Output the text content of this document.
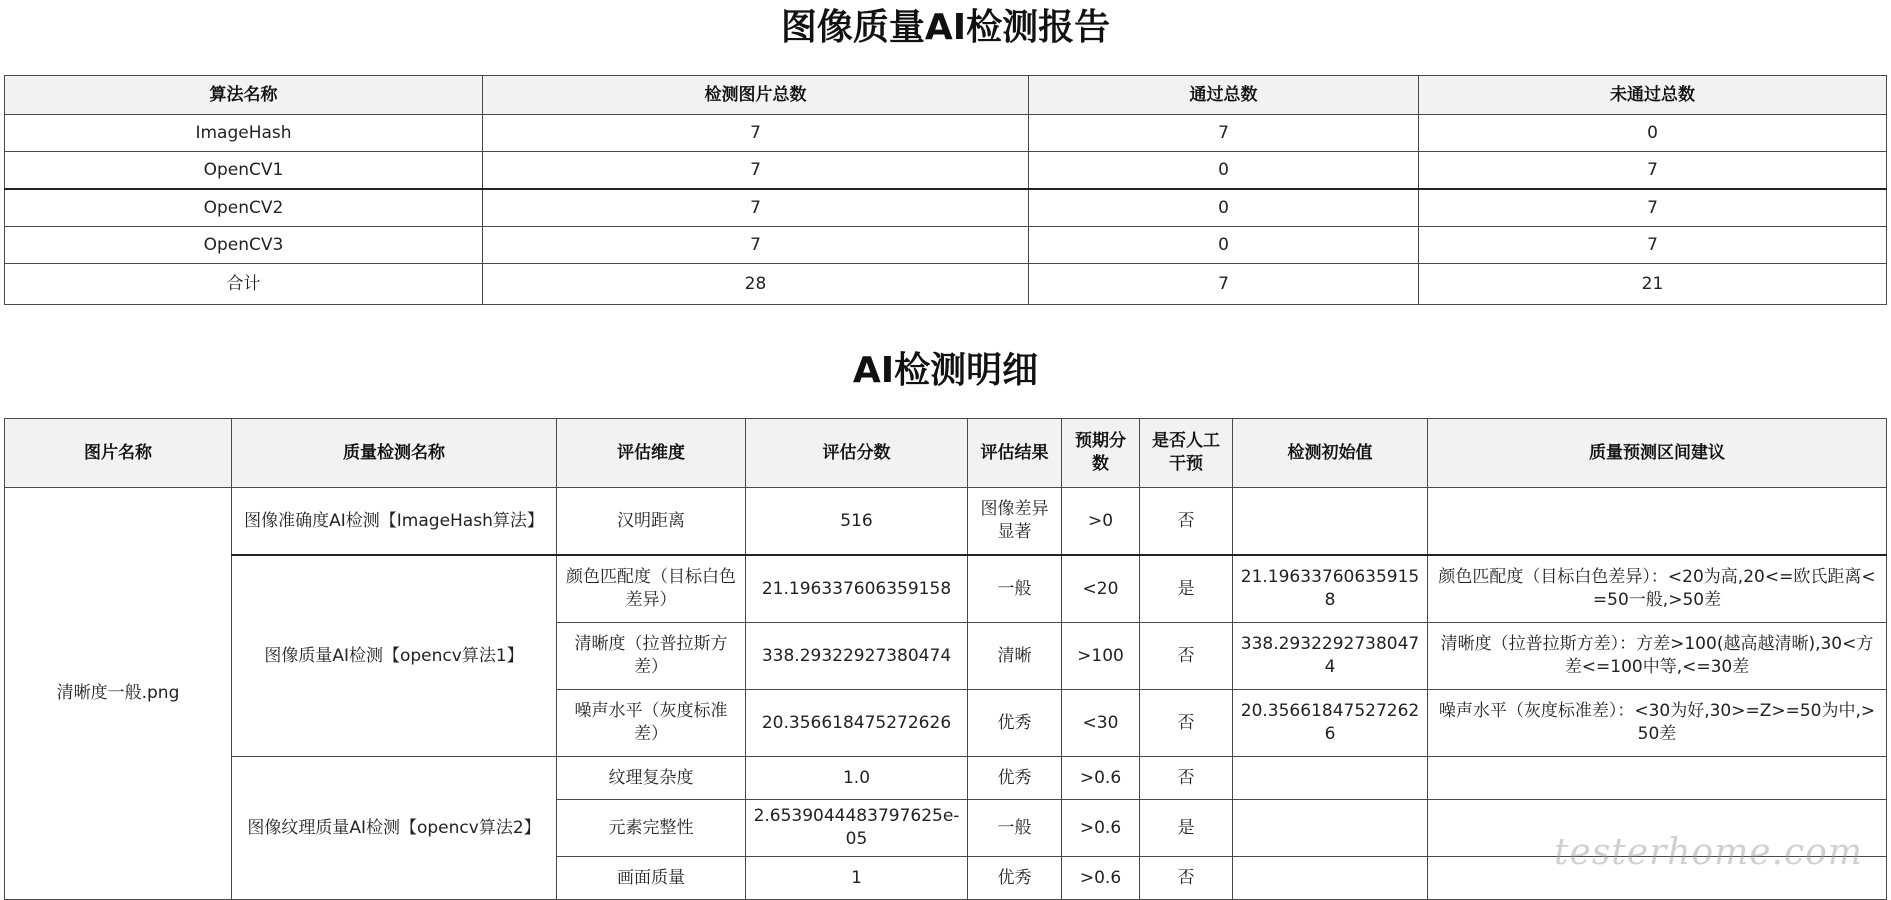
图像质量AI检测报告
算法名称	检测图片总数	通过总数	未通过总数
ImageHash	7	7	0
OpenCV1	7	0	7
OpenCV2	7	0	7
OpenCV3	7	0	7
合计	28	7	21
AI检测明细
图片名称	质量检测名称	评估维度	评估分数	评估结果	预期分数	是否人工干预	检测初始值	质量预测区间建议
清晰度一般.png	图像准确度AI检测【ImageHash算法】	汉明距离	516	图像差异显著	>0	否		
	图像质量AI检测【opencv算法1】	颜色匹配度（目标白色差异）	21.196337606359158	一般	<20	是	21.196337606359158	颜色匹配度（目标白色差异）：<20为高,20<=欧氏距离<=50一般,>50差
		清晰度（拉普拉斯方差）	338.29322927380474	清晰	>100	否	338.29322927380474	清晰度（拉普拉斯方差）：方差>100(越高越清晰),30<方差<=100中等,<=30差
		噪声水平（灰度标准差）	20.356618475272626	优秀	<30	否	20.356618475272626	噪声水平（灰度标准差）：<30为好,30>=Z>=50为中,>50差
	图像纹理质量AI检测【opencv算法2】	纹理复杂度	1.0	优秀	>0.6	否		
		元素完整性	2.6539044483797625e-05	一般	>0.6	是		
		画面质量	1	优秀	>0.6	否		
testerhome.com
